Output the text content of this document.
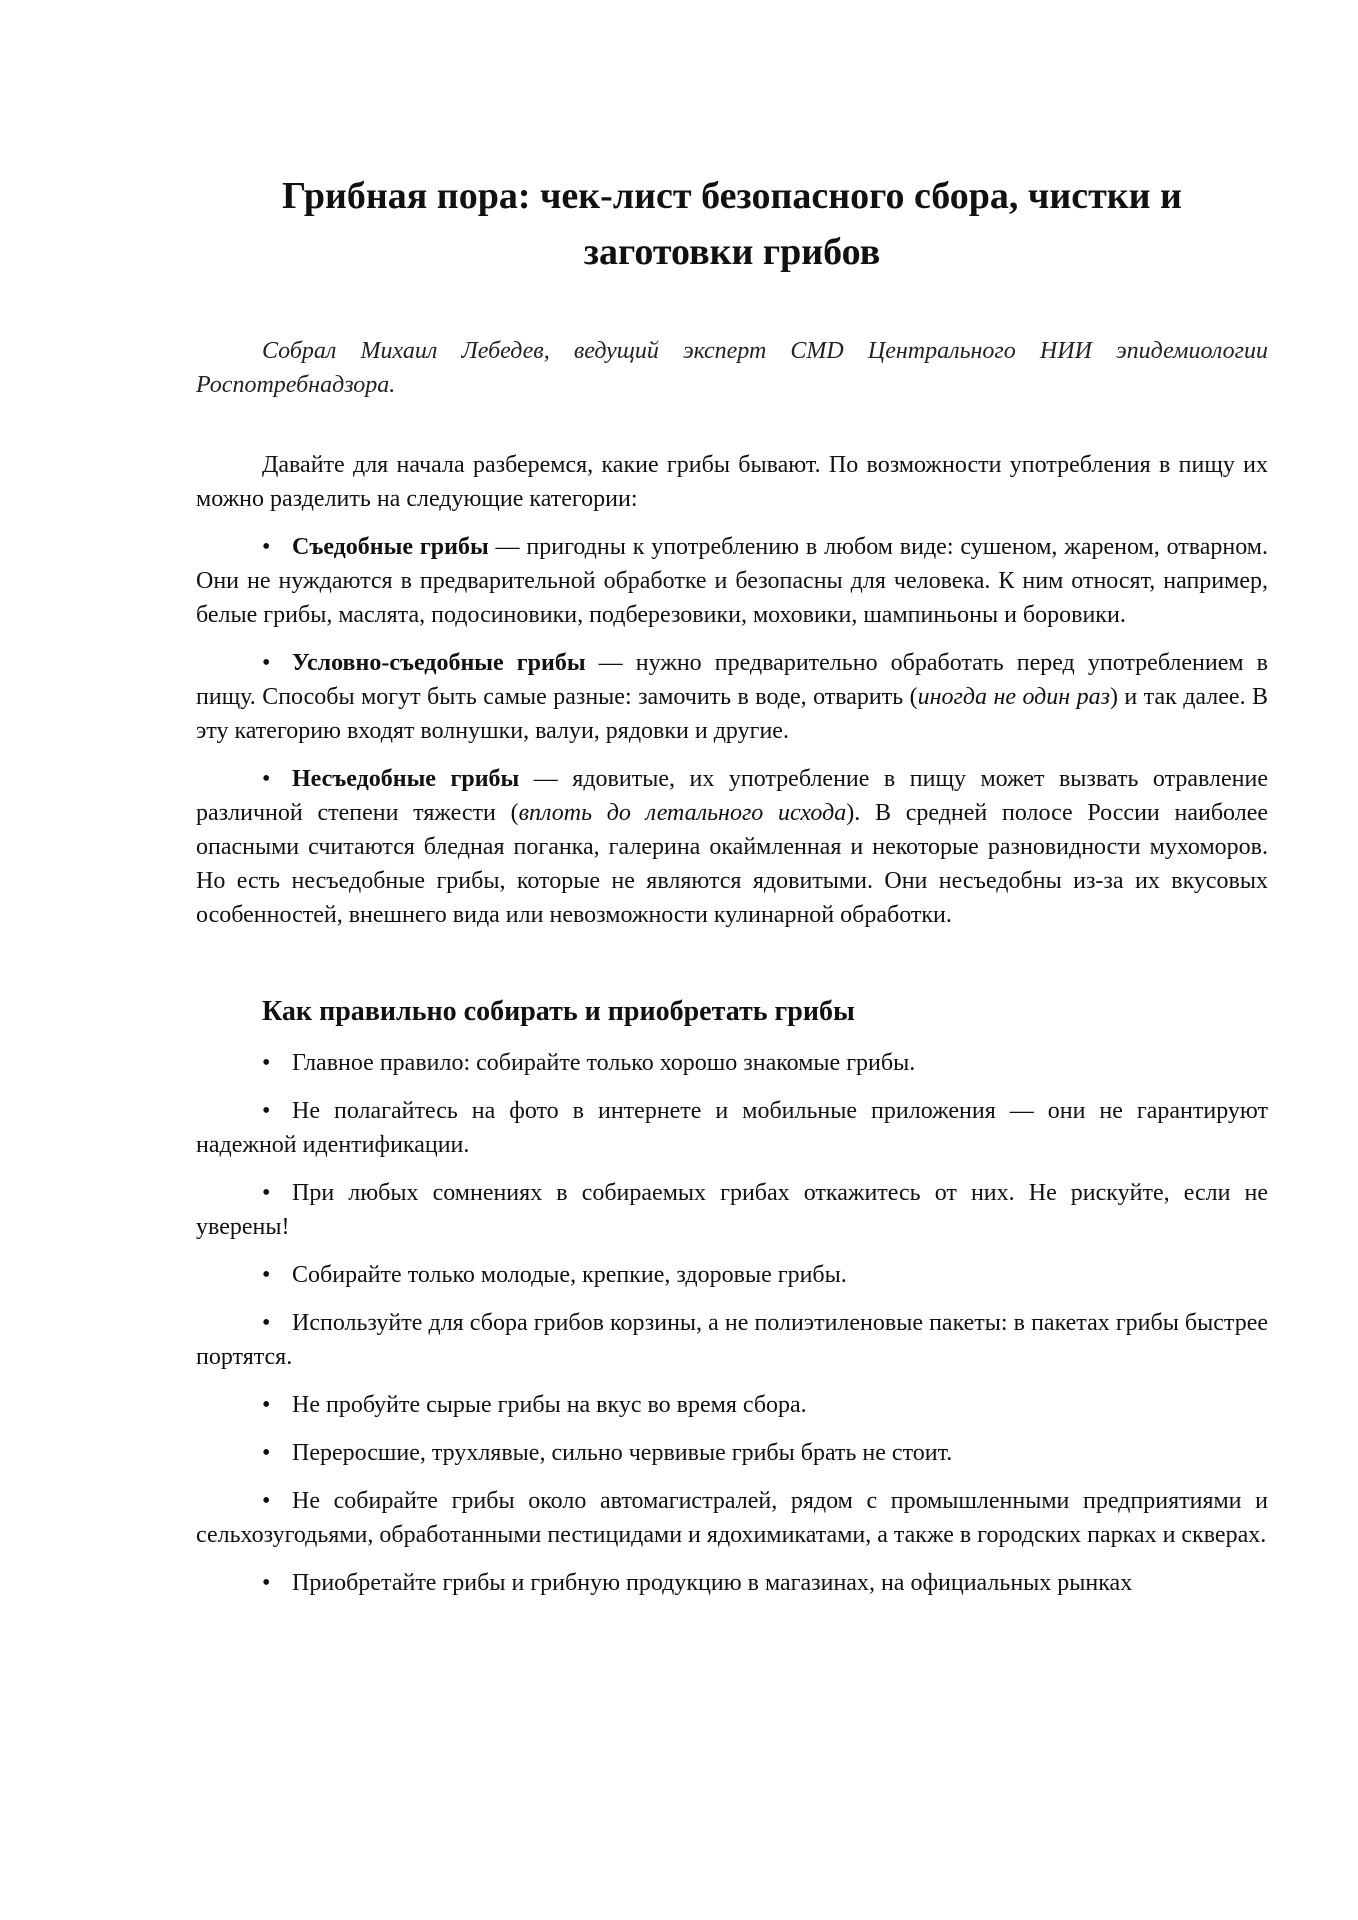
Грибная пора: чек-лист безопасного сбора, чистки и заготовки грибов

Собрал Михаил Лебедев, ведущий эксперт СМD Центрального НИИ эпидемиологии Роспотребнадзора.

Давайте для начала разберемся, какие грибы бывают. По возможности употребления в пищу их можно разделить на следующие категории:

• Съедобные грибы — пригодны к употреблению в любом виде: сушеном, жареном, отварном. Они не нуждаются в предварительной обработке и безопасны для человека. К ним относят, например, белые грибы, маслята, подосиновики, подберезовики, моховики, шампиньоны и боровики.
• Условно-съедобные грибы — нужно предварительно обработать перед употреблением в пищу. Способы могут быть самые разные: замочить в воде, отварить (иногда не один раз) и так далее. В эту категорию входят волнушки, валуи, рядовки и другие.
• Несъедобные грибы — ядовитые, их употребление в пищу может вызвать отравление различной степени тяжести (вплоть до летального исхода). В средней полосе России наиболее опасными считаются бледная поганка, галерина окаймленная и некоторые разновидности мухоморов. Но есть несъедобные грибы, которые не являются ядовитыми. Они несъедобны из-за их вкусовых особенностей, внешнего вида или невозможности кулинарной обработки.
Как правильно собирать и приобретать грибы
• Главное правило: собирайте только хорошо знакомые грибы.
• Не полагайтесь на фото в интернете и мобильные приложения — они не гарантируют надежной идентификации.
• При любых сомнениях в собираемых грибах откажитесь от них. Не рискуйте, если не уверены!
• Собирайте только молодые, крепкие, здоровые грибы.
• Используйте для сбора грибов корзины, а не полиэтиленовые пакеты: в пакетах грибы быстрее портятся.
• Не пробуйте сырые грибы на вкус во время сбора.
• Переросшие, трухлявые, сильно червивые грибы брать не стоит.
• Не собирайте грибы около автомагистралей, рядом с промышленными предприятиями и сельхозугодьями, обработанными пестицидами и ядохимикатами, а также в городских парках и скверах.
• Приобретайте грибы и грибную продукцию в магазинах, на официальных рынках
